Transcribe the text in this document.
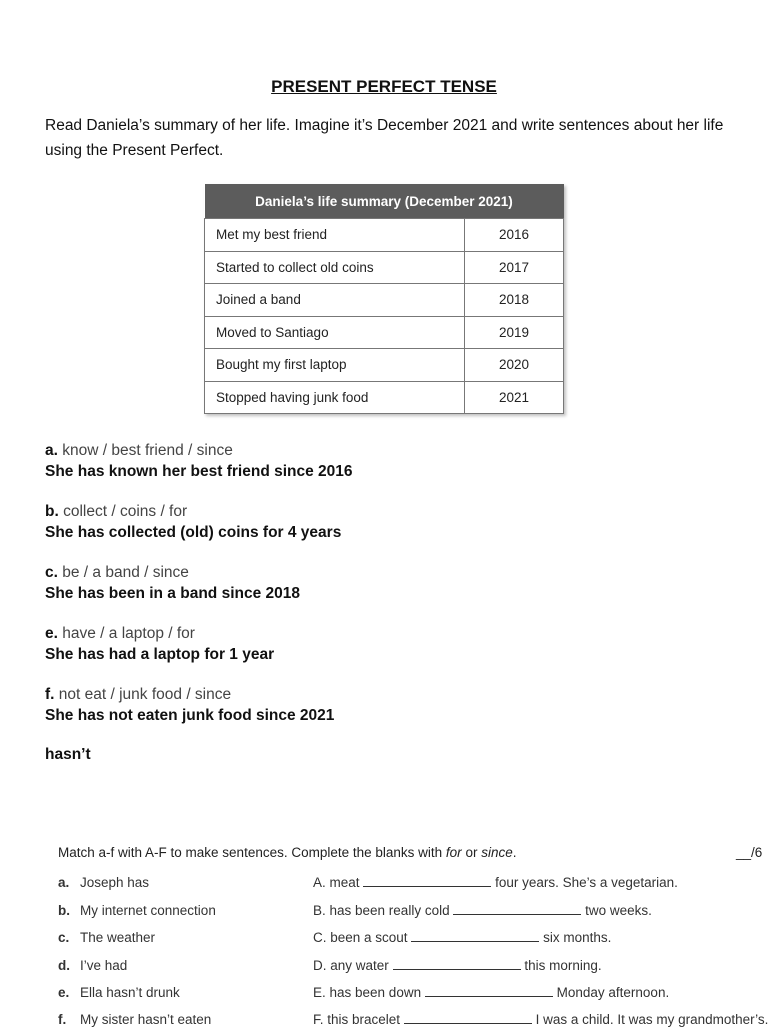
PRESENT PERFECT TENSE
Read Daniela’s summary of her life. Imagine it’s December 2021 and write sentences about her life using the Present Perfect.
Daniela’s life summary (December 2021)	
Met my best friend	2016
Started to collect old coins	2017
Joined a band	2018
Moved to Santiago	2019
Bought my first laptop	2020
Stopped having junk food	2021
a. know / best friend / since
She has known her best friend since 2016
b. collect / coins / for
She has collected (old) coins for 4 years
c. be / a band / since
She has been in a band since 2018
e. have / a laptop / for
She has had a laptop for 1 year
f. not eat / junk food / since
She has not eaten junk food since 2021
hasn’t
Match a-f with A-F to make sentences. Complete the blanks with for or since.	__/6
a. Joseph has	A. meat	four years. She’s a vegetarian.
b. My internet connection	B. has been really cold	two weeks.
c. The weather	C. been a scout	six months.
d. I’ve had	D. any water	this morning.
e. Ella hasn’t drunk	E. has been down	Monday afternoon.
f. My sister hasn’t eaten	F. this bracelet	I was a child. It was my grandmother’s.
